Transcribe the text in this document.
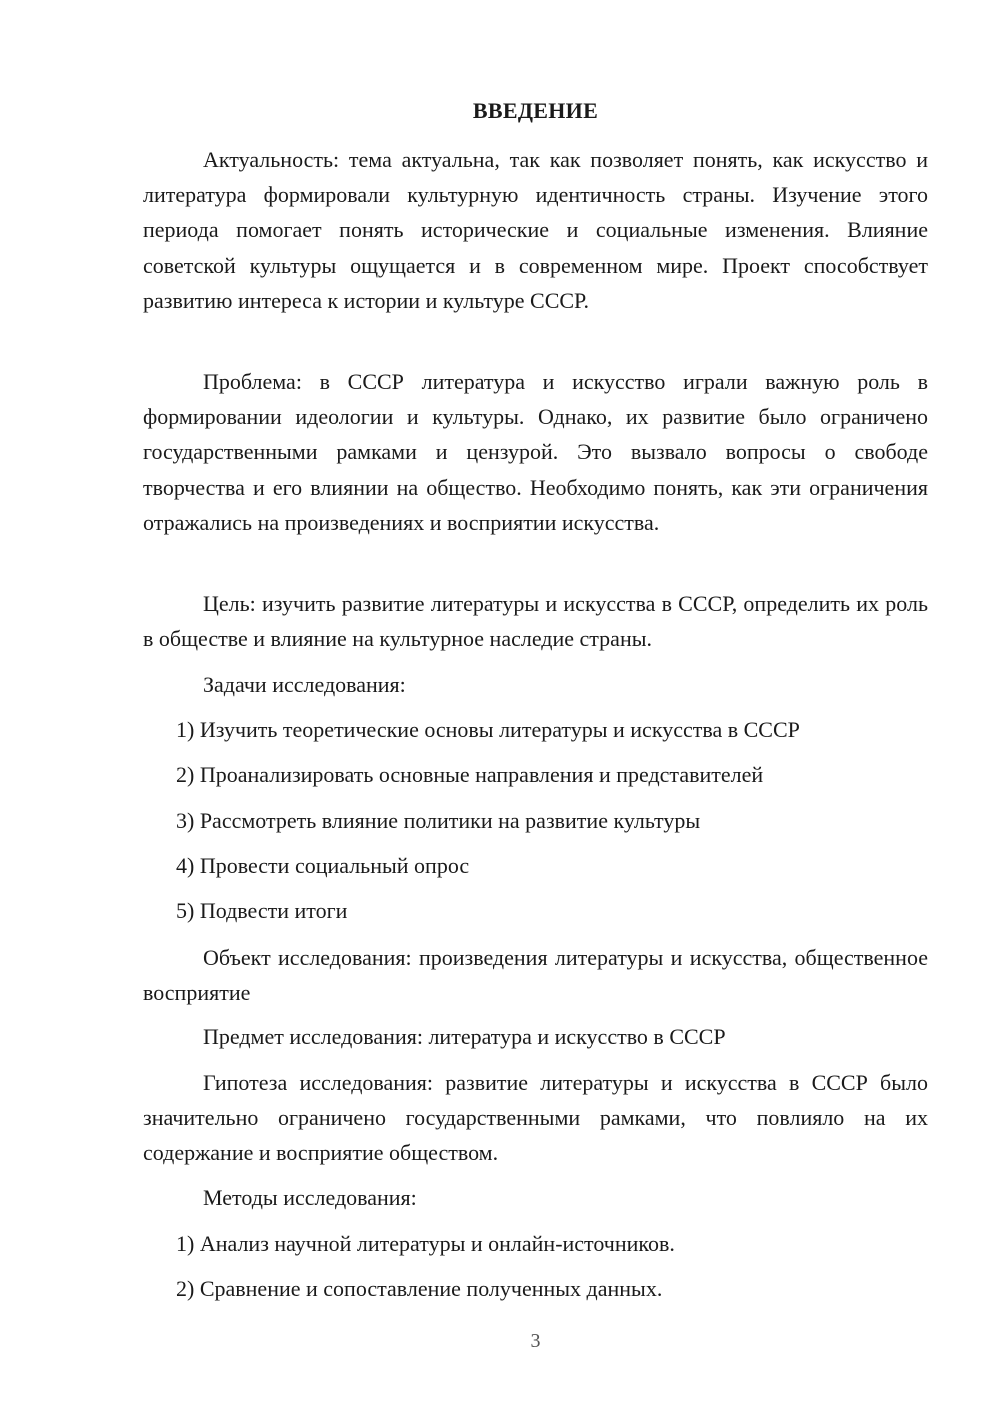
ВВЕДЕНИЕ

Актуальность: тема актуальна, так как позволяет понять, как искусство и литература формировали культурную идентичность страны. Изучение этого периода помогает понять исторические и социальные изменения. Влияние советской культуры ощущается и в современном мире. Проект способствует развитию интереса к истории и культуре СССР.

Проблема: в СССР литература и искусство играли важную роль в формировании идеологии и культуры. Однако, их развитие было ограничено государственными рамками и цензурой. Это вызвало вопросы о свободе творчества и его влиянии на общество. Необходимо понять, как эти ограничения отражались на произведениях и восприятии искусства.

Цель: изучить развитие литературы и искусства в СССР, определить их роль в обществе и влияние на культурное наследие страны.

Задачи исследования:

1) Изучить теоретические основы литературы и искусства в СССР

2) Проанализировать основные направления и представителей

3) Рассмотреть влияние политики на развитие культуры

4) Провести социальный опрос

5) Подвести итоги

Объект исследования: произведения литературы и искусства, общественное восприятие

Предмет исследования: литература и искусство в СССР

Гипотеза исследования: развитие литературы и искусства в СССР было значительно ограничено государственными рамками, что повлияло на их содержание и восприятие обществом.

Методы исследования:

1) Анализ научной литературы и онлайн-источников.

2) Сравнение и сопоставление полученных данных.

3
